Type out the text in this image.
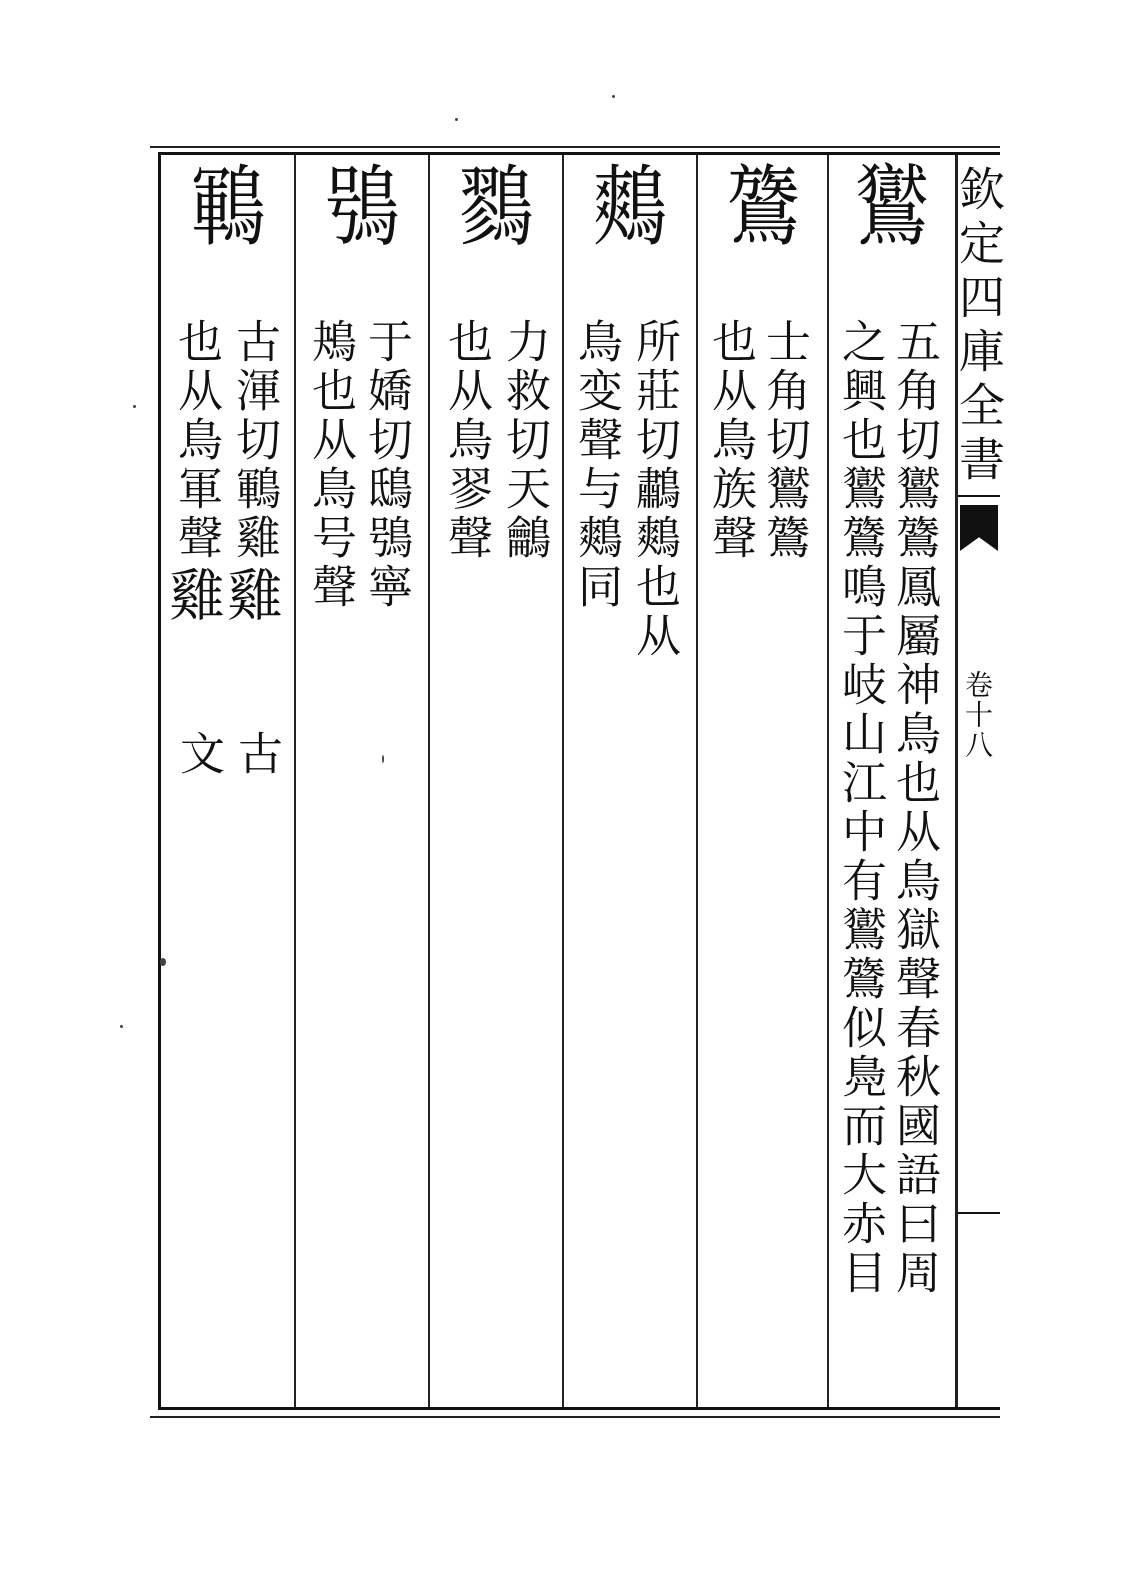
欽定四庫全書
卷十八
鸑
五角切鸑鷟鳳屬神鳥也从鳥獄聲春秋國語曰周
之興也鸑鷟鳴于岐山江中有鸑鷟似鳧而大赤目
鷟
士角切鸑鷟
也从鳥族聲
鷞
所莊切鷫鷞也从
鳥变聲与鷞同
鷚
力救切天鸙
也从鳥翏聲
鴞
于嬌切鴟鴞寧
鴂也从鳥号聲
鶤
古渾切鶤雞
雞
古
也从鳥軍聲
雞
文
